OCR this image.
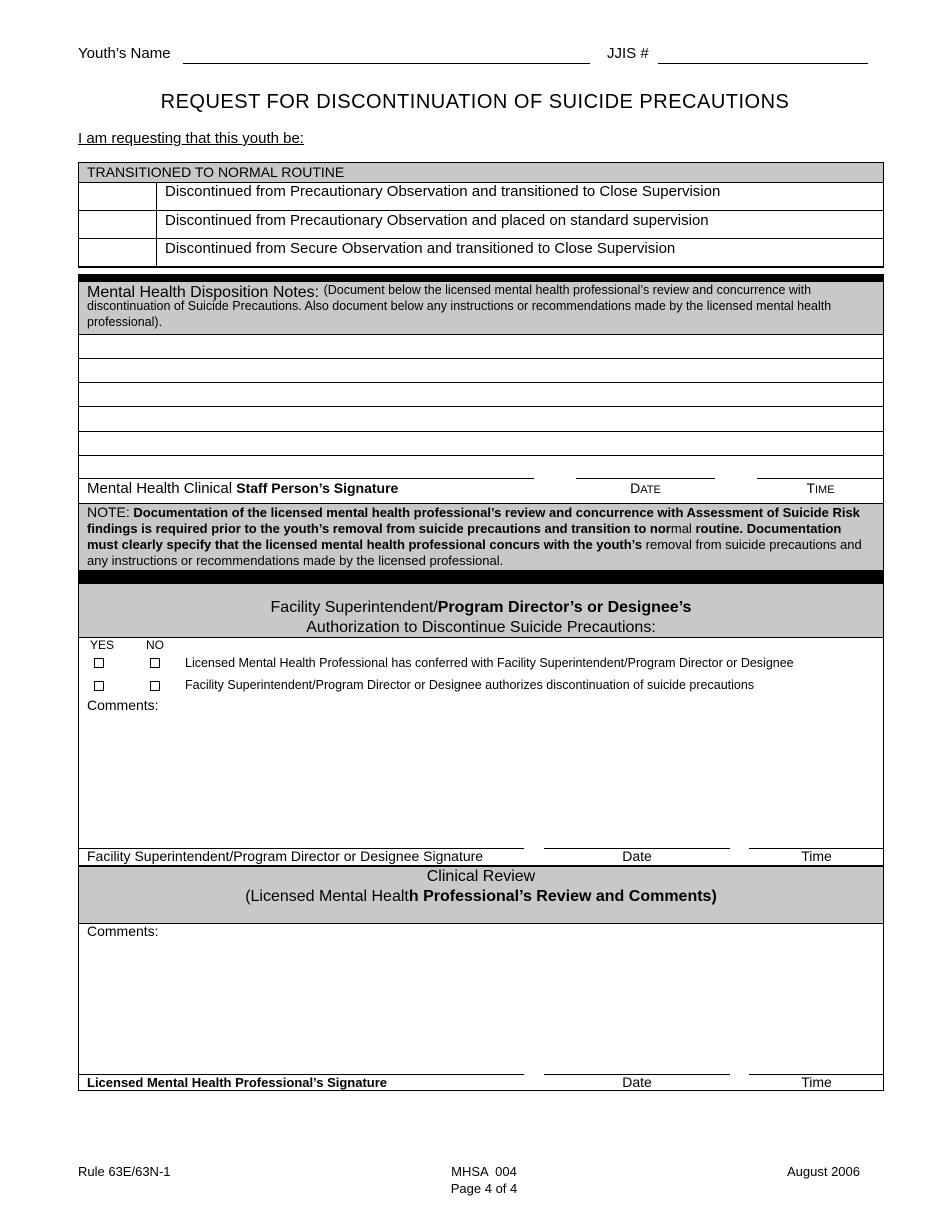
Youth’s Name	JJIS #
REQUEST FOR DISCONTINUATION OF SUICIDE PRECAUTIONS
I am requesting that this youth be:
TRANSITIONED TO NORMAL ROUTINE
Discontinued from Precautionary Observation and transitioned to Close Supervision
Discontinued from Precautionary Observation and placed on standard supervision
Discontinued from Secure Observation and transitioned to Close Supervision
Mental Health Disposition Notes: (Document below the licensed mental health professional’s review and concurrence with discontinuation of Suicide Precautions. Also document below any instructions or recommendations made by the licensed mental health professional).
Mental Health Clinical Staff Person’s Signature	DATE	TIME
NOTE: Documentation of the licensed mental health professional’s review and concurrence with Assessment of Suicide Risk findings is required prior to the youth’s removal from suicide precautions and transition to normal routine. Documentation must clearly specify that the licensed mental health professional concurs with the youth’s removal from suicide precautions and any instructions or recommendations made by the licensed professional.
Facility Superintendent/Program Director’s or Designee’s
Authorization to Discontinue Suicide Precautions:
YES	NO
Licensed Mental Health Professional has conferred with Facility Superintendent/Program Director or Designee
Facility Superintendent/Program Director or Designee authorizes discontinuation of suicide precautions
Comments:
Facility Superintendent/Program Director or Designee Signature	Date	Time
Clinical Review
(Licensed Mental Health Professional’s Review and Comments)
Comments:
Licensed Mental Health Professional’s Signature	Date	Time
Rule 63E/63N-1	MHSA  004
Page 4 of 4
August 2006
